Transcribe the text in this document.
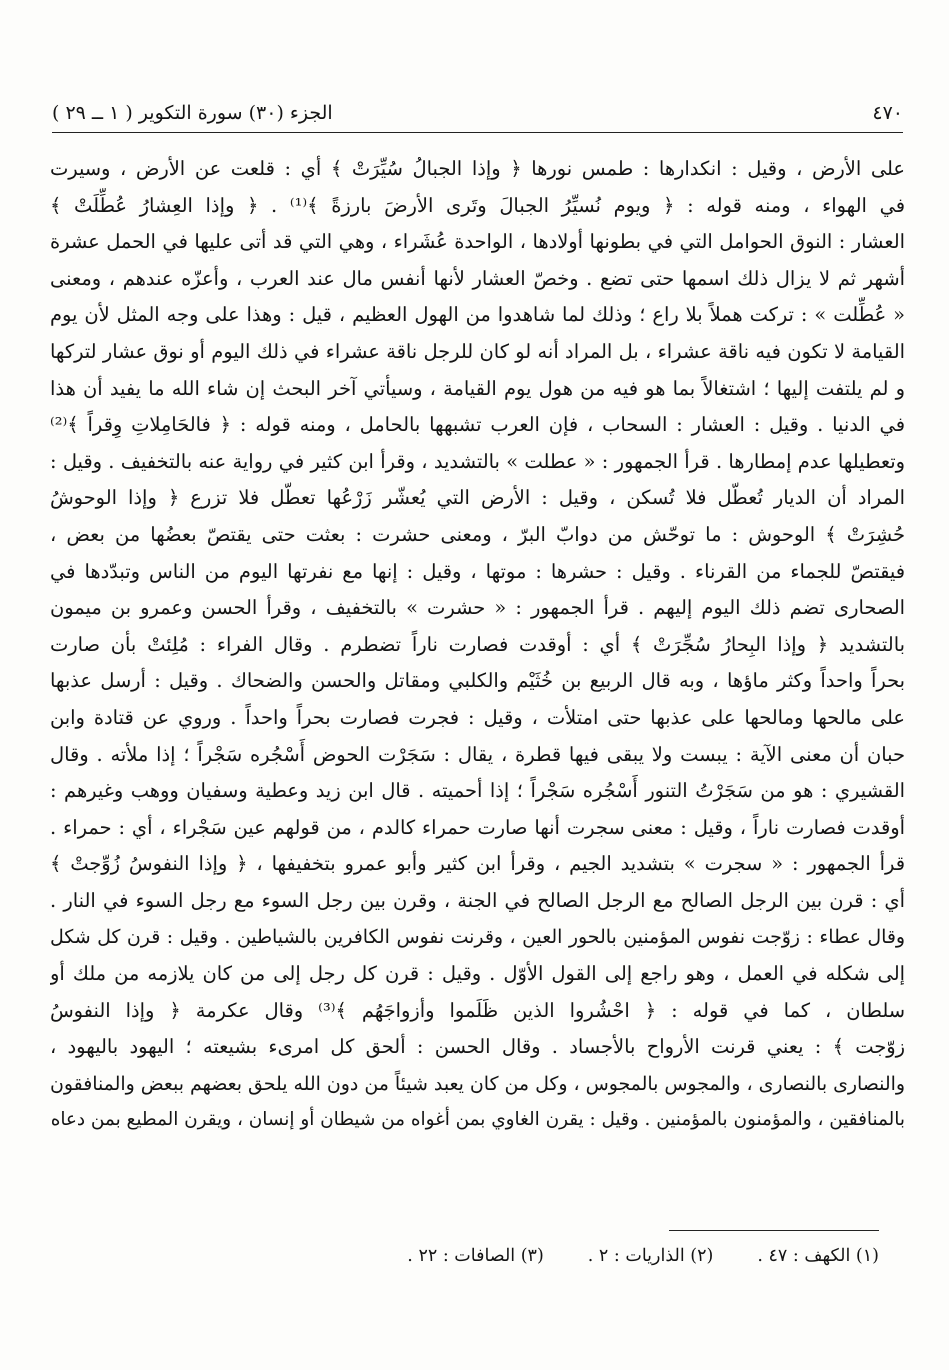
٤٧٠
الجزء (٣٠) سورة التكوير ( ١ ــ ٢٩ )
على الأرض ، وقيل : انكدارها : طمس نورها ﴿ وإذا الجبالُ سُيِّرَتْ ﴾ أي : قلعت عن الأرض ، وسيرت
في الهواء ، ومنه قوله : ﴿ ويوم نُسيِّرُ الجبالَ وتَرى الأرضَ بارزةً ﴾⁽¹⁾ . ﴿ وإذا العِشارُ عُطِّلَتْ ﴾
العشار : النوق الحوامل التي في بطونها أولادها ، الواحدة عُشَراء ، وهي التي قد أتى عليها في الحمل عشرة
أشهر ثم لا يزال ذلك اسمها حتى تضع . وخصّ العشار لأنها أنفس مال عند العرب ، وأعزّه عندهم ، ومعنى
« عُطِّلت » : تركت هملاً بلا راع ؛ وذلك لما شاهدوا من الهول العظيم ، قيل : وهذا على وجه المثل لأن يوم
القيامة لا تكون فيه ناقة عشراء ، بل المراد أنه لو كان للرجل ناقة عشراء في ذلك اليوم أو نوق عشار لتركها
و لم يلتفت إليها ؛ اشتغالاً بما هو فيه من هول يوم القيامة ، وسيأتي آخر البحث إن شاء الله ما يفيد أن هذا
في الدنيا . وقيل : العشار : السحاب ، فإن العرب تشبهها بالحامل ، ومنه قوله : ﴿ فالحَامِلاتِ وِقراً ﴾⁽²⁾
وتعطيلها عدم إمطارها . قرأ الجمهور : « عطلت » بالتشديد ، وقرأ ابن كثير في رواية عنه بالتخفيف . وقيل :
المراد أن الديار تُعطّل فلا تُسكن ، وقيل : الأرض التي يُعشّر زَرْعُها تعطّل فلا تزرع ﴿ وإذا الوحوشُ
حُشِرَتْ ﴾ الوحوش : ما توحّش من دوابّ البرّ ، ومعنى حشرت : بعثت حتى يقتصّ بعضُها من بعض ،
فيقتصّ للجماء من القرناء . وقيل : حشرها : موتها ، وقيل : إنها مع نفرتها اليوم من الناس وتبدّدها في
الصحارى تضم ذلك اليوم إليهم . قرأ الجمهور : « حشرت » بالتخفيف ، وقرأ الحسن وعمرو بن ميمون
بالتشديد ﴿ وإذا البِحارُ سُجِّرَتْ ﴾ أي : أوقدت فصارت ناراً تضطرم . وقال الفراء : مُلِئتْ بأن صارت
بحراً واحداً وكثر ماؤها ، وبه قال الربيع بن خُثَيْم والكلبي ومقاتل والحسن والضحاك . وقيل : أرسل عذبها
على مالحها ومالحها على عذبها حتى امتلأت ، وقيل : فجرت فصارت بحراً واحداً . وروي عن قتادة وابن
حبان أن معنى الآية : يبست ولا يبقى فيها قطرة ، يقال : سَجَرْت الحوض أَسْجُره سَجْراً ؛ إذا ملأته . وقال
القشيري : هو من سَجَرْتُ التنور أَسْجُره سَجْراً ؛ إذا أحميته . قال ابن زيد وعطية وسفيان ووهب وغيرهم :
أوقدت فصارت ناراً ، وقيل : معنى سجرت أنها صارت حمراء كالدم ، من قولهم عين سَجْراء ، أي : حمراء .
قرأ الجمهور : « سجرت » بتشديد الجيم ، وقرأ ابن كثير وأبو عمرو بتخفيفها ، ﴿ وإذا النفوسُ زُوِّجتْ ﴾
أي : قرن بين الرجل الصالح مع الرجل الصالح في الجنة ، وقرن بين رجل السوء مع رجل السوء في النار .
وقال عطاء : زوّجت نفوس المؤمنين بالحور العين ، وقرنت نفوس الكافرين بالشياطين . وقيل : قرن كل شكل
إلى شكله في العمل ، وهو راجع إلى القول الأوّل . وقيل : قرن كل رجل إلى من كان يلازمه من ملك أو
سلطان ، كما في قوله : ﴿ احْشُروا الذين ظَلَموا وأزواجَهُم ﴾⁽³⁾ وقال عكرمة ﴿ وإذا النفوسُ
زوّجت ﴾ : يعني قرنت الأرواح بالأجساد . وقال الحسن : ألحق كل امرىء بشيعته ؛ اليهود باليهود ،
والنصارى بالنصارى ، والمجوس بالمجوس ، وكل من كان يعبد شيئاً من دون الله يلحق بعضهم ببعض والمنافقون
بالمنافقين ، والمؤمنون بالمؤمنين . وقيل : يقرن الغاوي بمن أغواه من شيطان أو إنسان ، ويقرن المطيع بمن دعاه
(١) الكهف : ٤٧ .
(٢) الذاريات : ٢ .
(٣) الصافات : ٢٢ .
